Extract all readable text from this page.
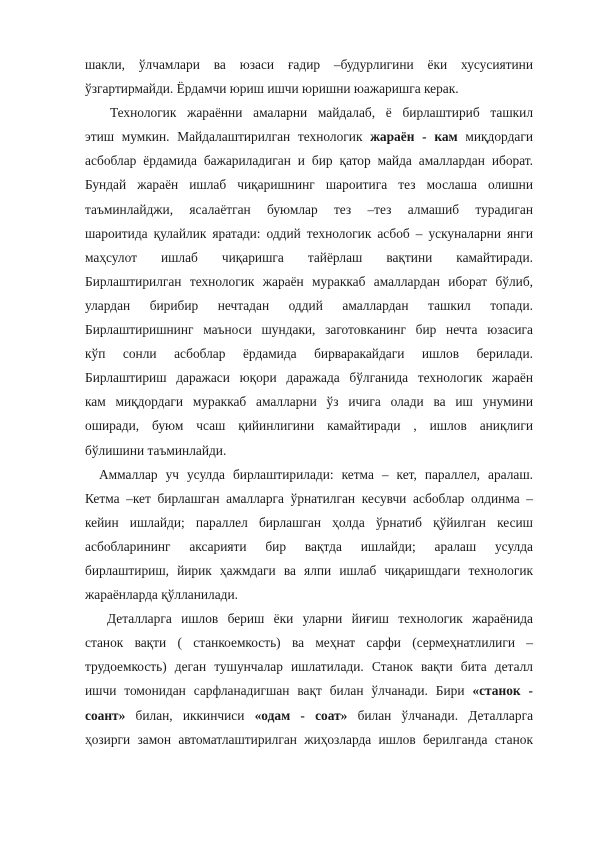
шакли, ўлчамлари ва юзаси ғадир –будурлигини ёки хусусиятини
ўзгартирмайди. Ёрдамчи юриш ишчи юришни юажаришга керак.
Технологик жараённи амаларни майдалаб, ё бирлаштириб ташкил
этиш мумкин. Майдалаштирилган технологик жараён - кам миқдордаги
асбоблар ёрдамида бажариладиган и бир қатор майда амаллардан иборат.
Бундай жараён ишлаб чиқаришнинг шароитига тез мослаша олишни
таъминлайджи, ясалаётган буюмлар тез –тез алмашиб турадиган
шароитида қулайлик яратади: оддий технологик асбоб – ускуналарни янги
маҳсулот ишлаб чиқаришга тайёрлаш вақтини камайтиради.
Бирлаштирилган технологик жараён мураккаб амаллардан иборат бўлиб,
улардан бирибир нечтадан оддий амаллардан ташкил топади.
Бирлаштиришнинг маъноси шундаки, заготовканинг бир нечта юзасига
кўп сонли асбоблар ёрдамида бирваракайдаги ишлов берилади.
Бирлаштириш даражаси юқори даражада бўлганида технологик жараён
кам миқдордаги мураккаб амалларни ўз ичига олади ва иш унумини
оширади, буюм чсаш қийинлигини камайтиради , ишлов аниқлиги
бўлишини таъминлайди.
Аммаллар уч усулда бирлаштирилади: кетма – кет, параллел, аралаш.
Кетма –кет бирлашган амалларга ўрнатилган кесувчи асбоблар олдинма –
кейин ишлайди; параллел бирлашган ҳолда ўрнатиб қўйилган кесиш
асбобларининг аксарияти бир вақтда ишлайди; аралаш усулда
бирлаштириш, йирик ҳажмдаги ва ялпи ишлаб чиқаришдаги технологик
жараёнларда қўлланилади.
Деталларга ишлов бериш ёки уларни йиғиш технологик жараёнида
станок вақти ( станкоемкость) ва меҳнат сарфи (сермеҳнатлилиги –
трудоемкость) деган тушунчалар ишлатилади. Станок вақти бита деталл
ишчи томонидан сарфланадигшан вақт билан ўлчанади. Бири «станок -
соант» билан, иккинчиси «одам - соат» билан ўлчанади. Деталларга
ҳозирги замон автоматлаштирилган жиҳозларда ишлов берилганда станок
